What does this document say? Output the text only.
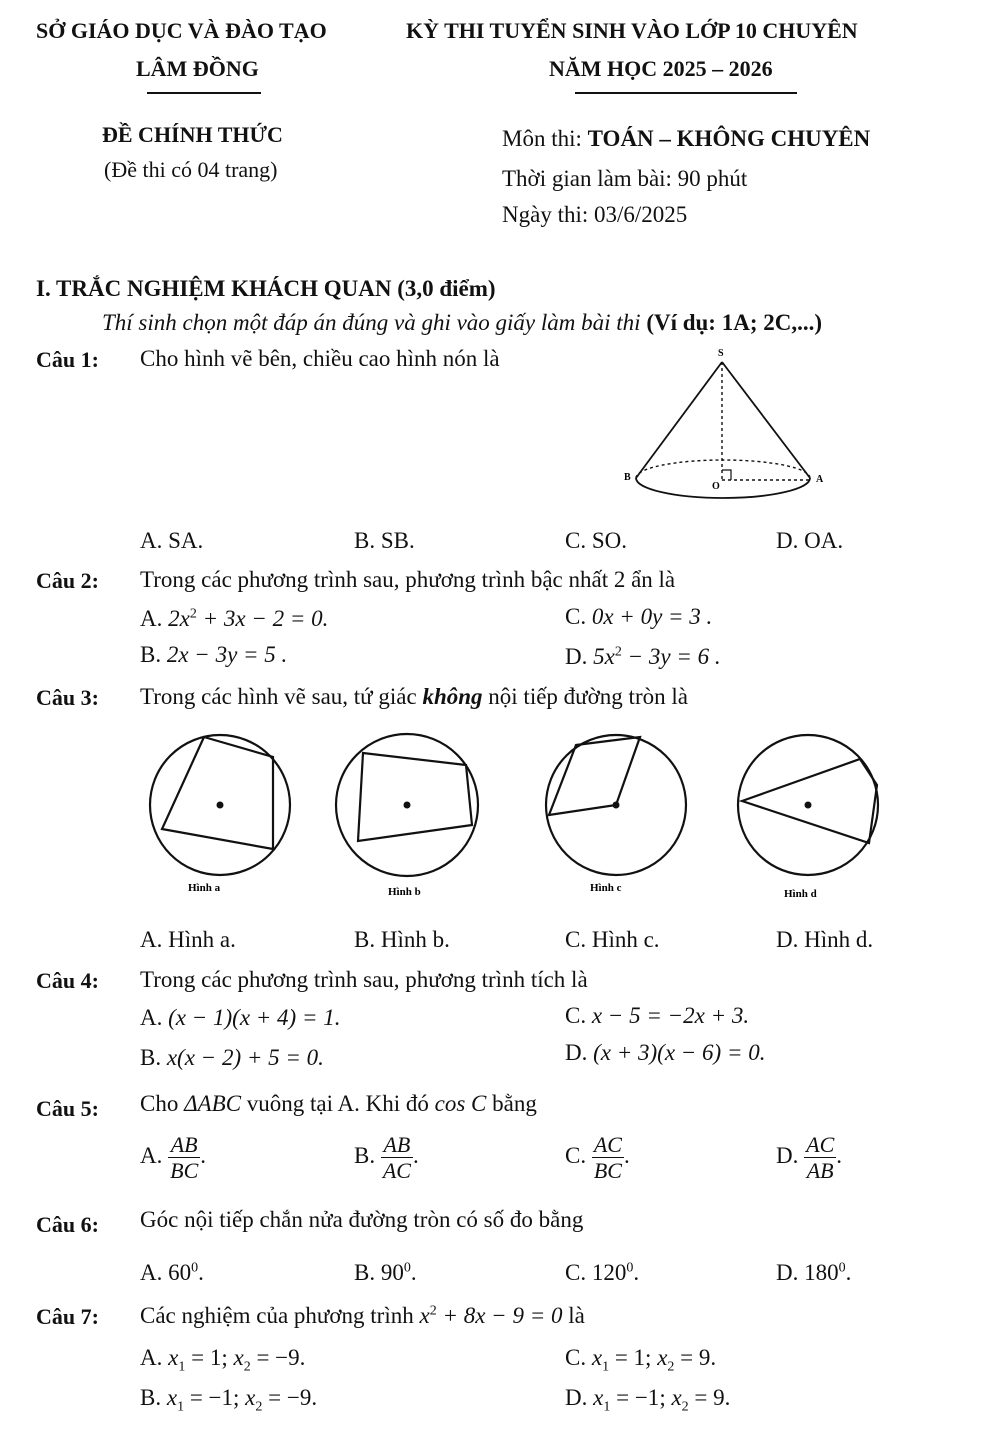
SỞ GIÁO DỤC VÀ ĐÀO TẠO
LÂM ĐỒNG
KỲ THI TUYỂN SINH VÀO LỚP 10 CHUYÊN
NĂM HỌC 2025 – 2026
ĐỀ CHÍNH THỨC
(Đề thi có 04 trang)
Môn thi: TOÁN – KHÔNG CHUYÊN
Thời gian làm bài: 90 phút
Ngày thi: 03/6/2025
I. TRẮC NGHIỆM KHÁCH QUAN (3,0 điểm)
Thí sinh chọn một đáp án đúng và ghi vào giấy làm bài thi (Ví dụ: 1A; 2C,...)
Câu 1: Cho hình vẽ bên, chiều cao hình nón là	S
B
O
A
A. SA.	B. SB.	C. SO.	D. OA.
Câu 2: Trong các phương trình sau, phương trình bậc nhất 2 ẩn là
A. $2x^2 + 3x - 2 = 0$.	C. 0x + 0y = 3 .
B. 2x − 3y = 5 .	D. $5x^2 - 3y = 6$ .
Câu 3: Trong các hình vẽ sau, tứ giác không nội tiếp đường tròn là
Hình a	Hình b	Hình c	Hình d
A. Hình a.	B. Hình b.	C. Hình c.	D. Hình d.
Câu 4: Trong các phương trình sau, phương trình tích là
A. (x − 1)(x + 4) = 1.	C. x − 5 = −2x + 3.
B. x(x − 2) + 5 = 0.	D. (x + 3)(x − 6) = 0.
Câu 5: Cho ΔABC vuông tại A. Khi đó cos C bằng
A. $\frac{AB}{BC}$ .	B. $\frac{AB}{AC}$ .	C. $\frac{AC}{BC}$ .	D. $\frac{AC}{AB}$ .
Câu 6: Góc nội tiếp chắn nửa đường tròn có số đo bằng
A. $60^0$.	B. $90^0$.	C. $120^0$.	D. $180^0$.
Câu 7: Các nghiệm của phương trình $x^2 + 8x - 9 = 0$ là
A. $x_1 = 1$; $x_2 = -9$.	C. $x_1 = 1$; $x_2 = 9$.
B. $x_1 = -1$; $x_2 = -9$.	D. $x_1 = -1$; $x_2 = 9$.
